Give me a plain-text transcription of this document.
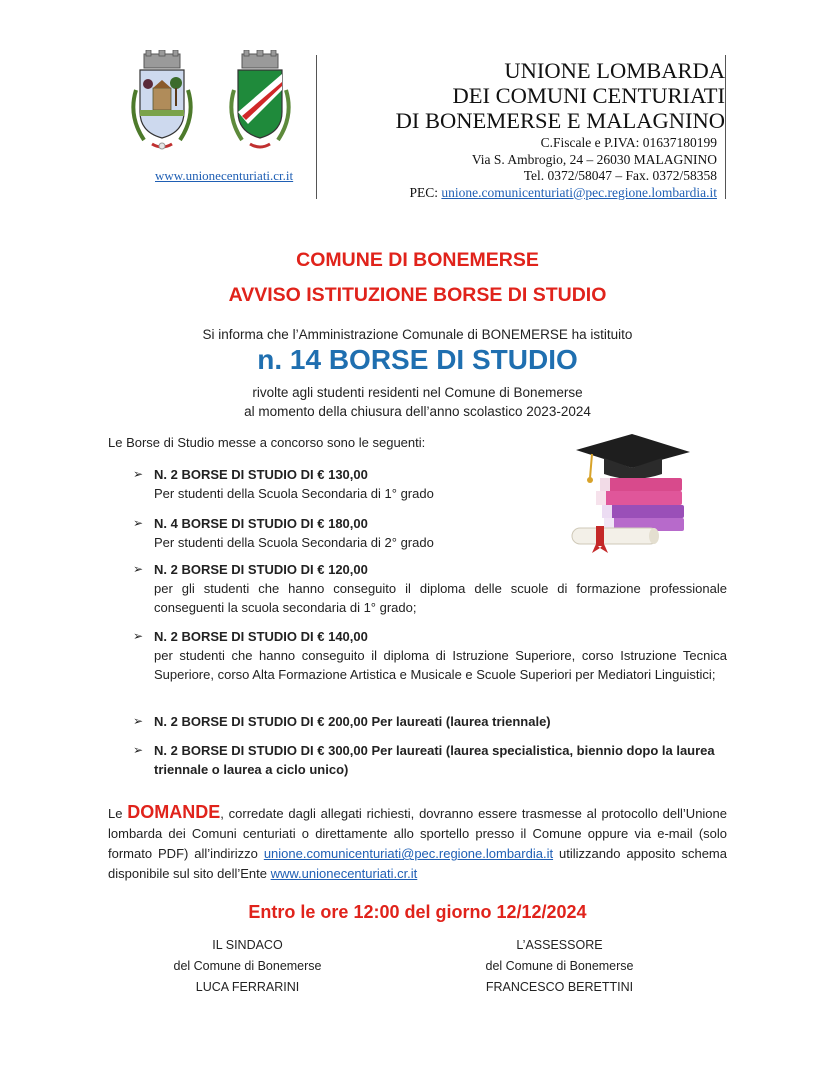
www.unionecenturiati.cr.it
UNIONE LOMBARDA
DEI COMUNI CENTURIATI
DI BONEMERSE E MALAGNINO
C.Fiscale e P.IVA: 01637180199
Via S. Ambrogio, 24 – 26030 MALAGNINO
Tel. 0372/58047 – Fax. 0372/58358
PEC: unione.comunicenturiati@pec.regione.lombardia.it
COMUNE DI BONEMERSE
AVVISO ISTITUZIONE BORSE DI STUDIO
Si informa che l’Amministrazione Comunale di BONEMERSE ha istituito
n. 14 BORSE DI STUDIO
rivolte agli studenti residenti nel Comune di Bonemerse
al momento della chiusura dell’anno scolastico 2023-2024
Le Borse di Studio messe a concorso sono le seguenti:
➢ N. 2 BORSE DI STUDIO DI € 130,00
Per studenti della Scuola Secondaria di 1° grado
➢ N. 4 BORSE DI STUDIO DI € 180,00
Per studenti della Scuola Secondaria di 2° grado
➢ N. 2 BORSE DI STUDIO DI € 120,00
per gli studenti che hanno conseguito il diploma delle scuole di formazione professionale conseguenti la scuola secondaria di 1° grado;
➢ N. 2 BORSE DI STUDIO DI € 140,00
per studenti che hanno conseguito il diploma di Istruzione Superiore, corso Istruzione Tecnica Superiore, corso Alta Formazione Artistica e Musicale e Scuole Superiori per Mediatori Linguistici;
➢ N. 2 BORSE DI STUDIO DI € 200,00 Per laureati (laurea triennale)
➢ N. 2 BORSE DI STUDIO DI € 300,00 Per laureati (laurea specialistica, biennio dopo la laurea triennale o laurea a ciclo unico)
Le DOMANDE, corredate dagli allegati richiesti, dovranno essere trasmesse al protocollo dell’Unione lombarda dei Comuni centuriati o direttamente allo sportello presso il Comune oppure via e-mail (solo formato PDF) all’indirizzo unione.comunicenturiati@pec.regione.lombardia.it utilizzando apposito schema disponibile sul sito dell’Ente www.unionecenturiati.cr.it
Entro le ore 12:00 del giorno 12/12/2024
IL SINDACO
del Comune di Bonemerse
LUCA FERRARINI
L’ASSESSORE
del Comune di Bonemerse
FRANCESCO BERETTINI
